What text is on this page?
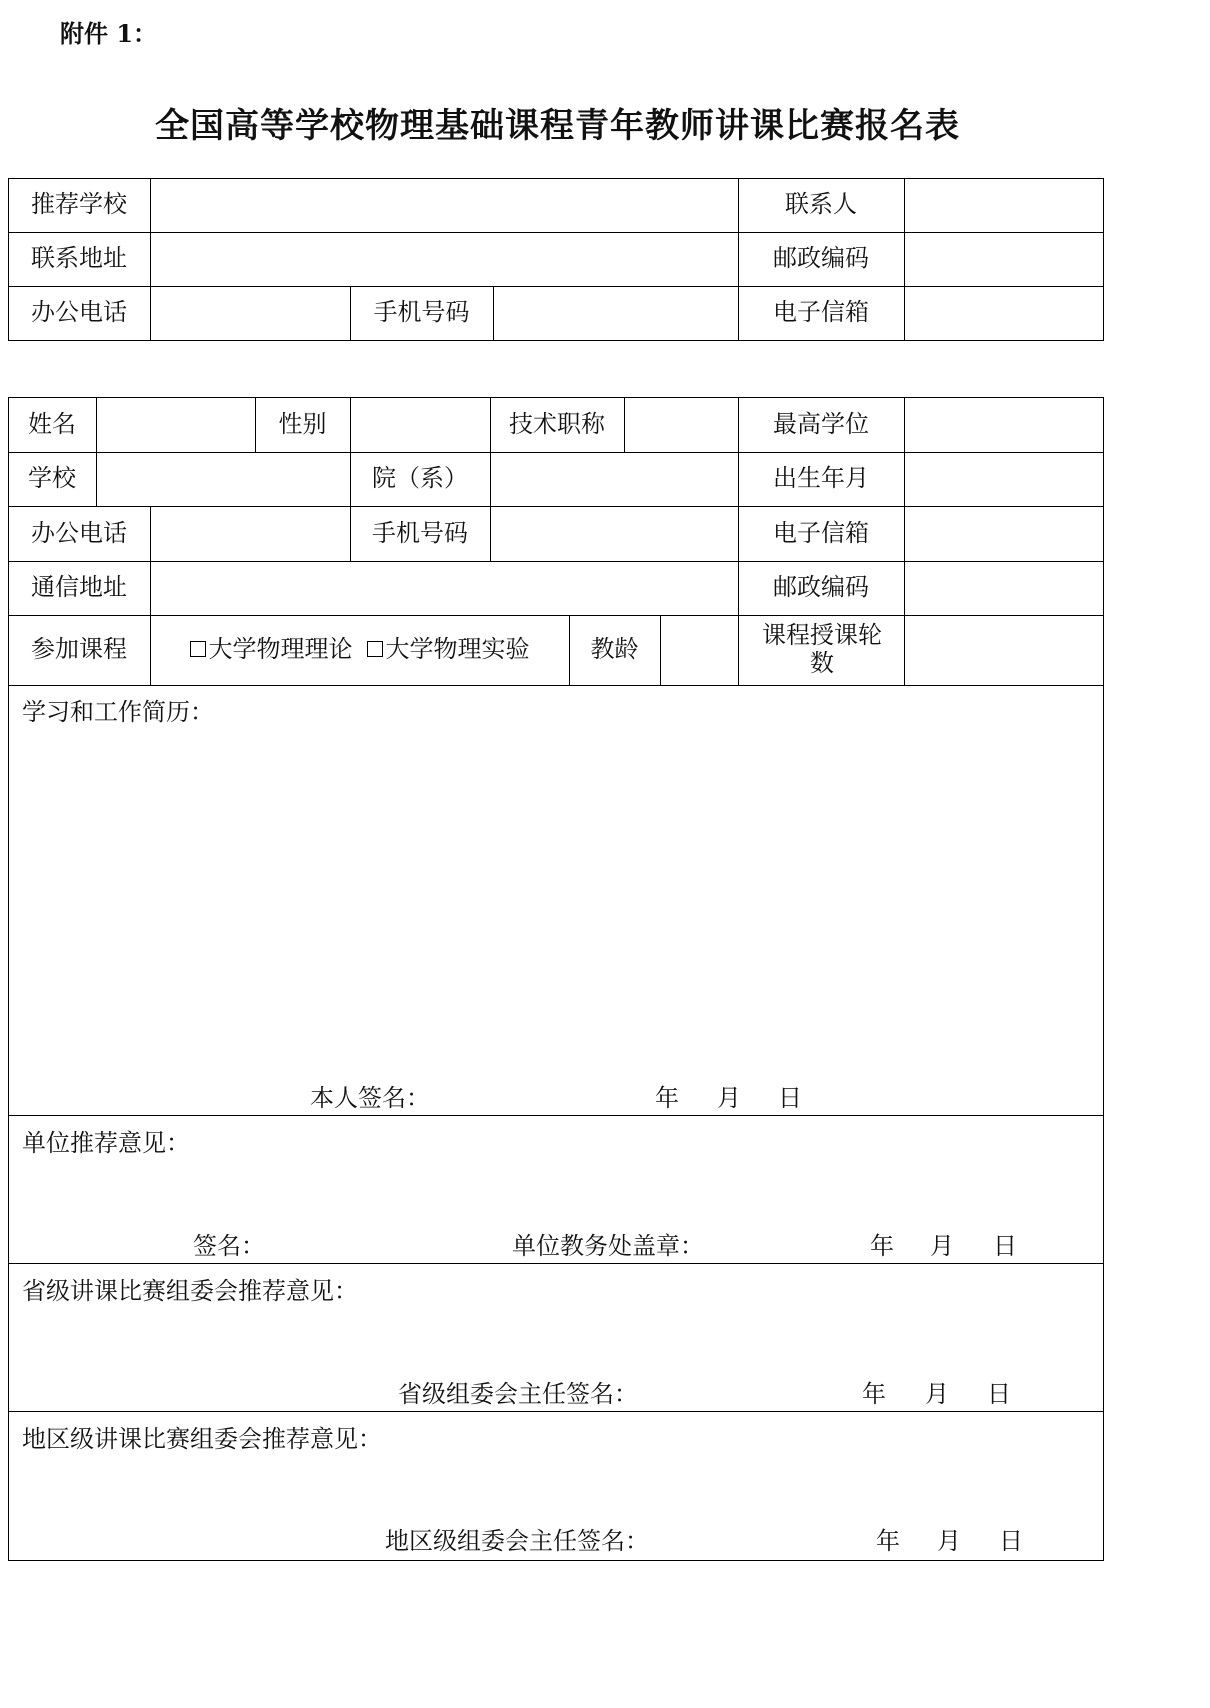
附件 1：
全国高等学校物理基础课程青年教师讲课比赛报名表
推荐学校	联系人
联系地址	邮政编码
办公电话	手机号码	电子信箱
姓名	性别	技术职称	最高学位
学校	院（系）	出生年月
办公电话	手机号码	电子信箱
通信地址	邮政编码
参加课程	大学物理理论	大学物理实验	教龄	课程授课轮数
学习和工作简历：
本人签名：	年 月 日
单位推荐意见：
签名：	单位教务处盖章：	年 月 日
省级讲课比赛组委会推荐意见：
省级组委会主任签名：	年 月 日
地区级讲课比赛组委会推荐意见：
地区级组委会主任签名：	年 月 日
